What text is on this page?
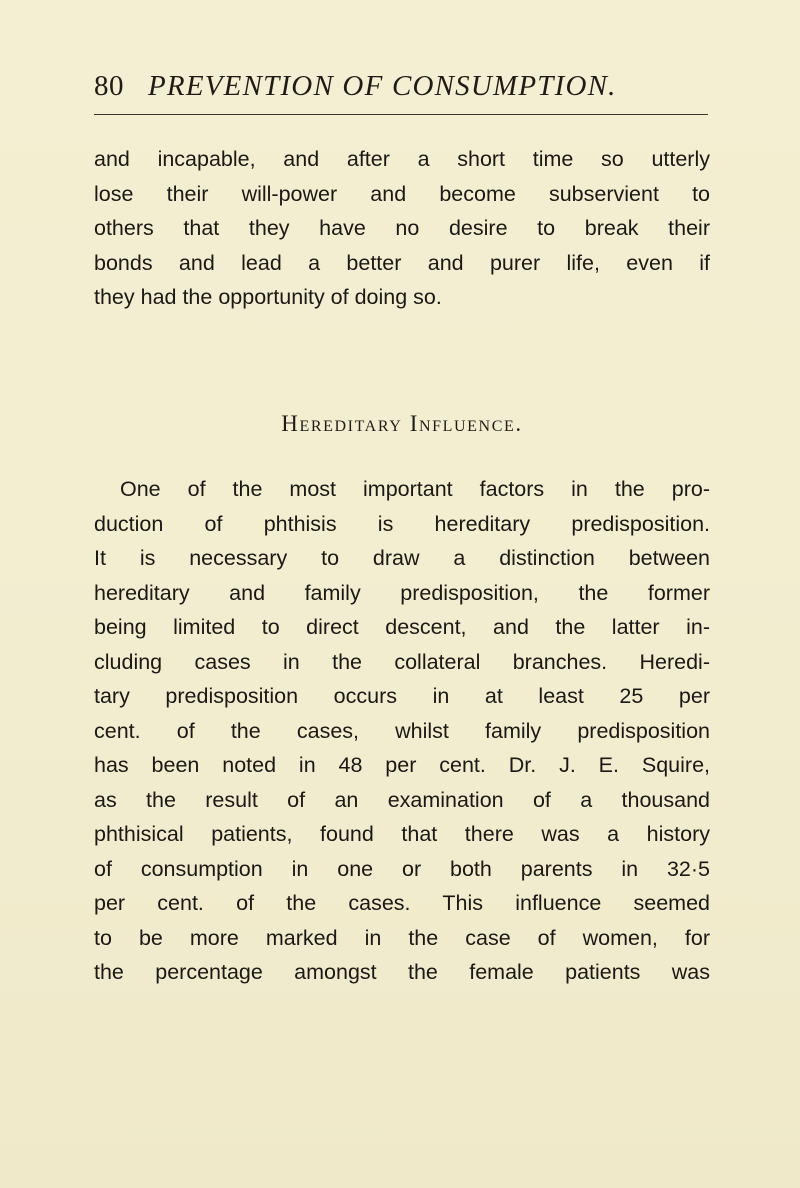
80 PREVENTION OF CONSUMPTION.
and incapable, and after a short time so utterly
lose their will-power and become subservient to
others that they have no desire to break their
bonds and lead a better and purer life, even if
they had the opportunity of doing so.
Hereditary Influence.
One of the most important factors in the pro-
duction of phthisis is hereditary predisposition.
It is necessary to draw a distinction between
hereditary and family predisposition, the former
being limited to direct descent, and the latter in-
cluding cases in the collateral branches. Heredi-
tary predisposition occurs in at least 25 per
cent. of the cases, whilst family predisposition
has been noted in 48 per cent. Dr. J. E. Squire,
as the result of an examination of a thousand
phthisical patients, found that there was a history
of consumption in one or both parents in 32·5
per cent. of the cases. This influence seemed
to be more marked in the case of women, for
the percentage amongst the female patients was
